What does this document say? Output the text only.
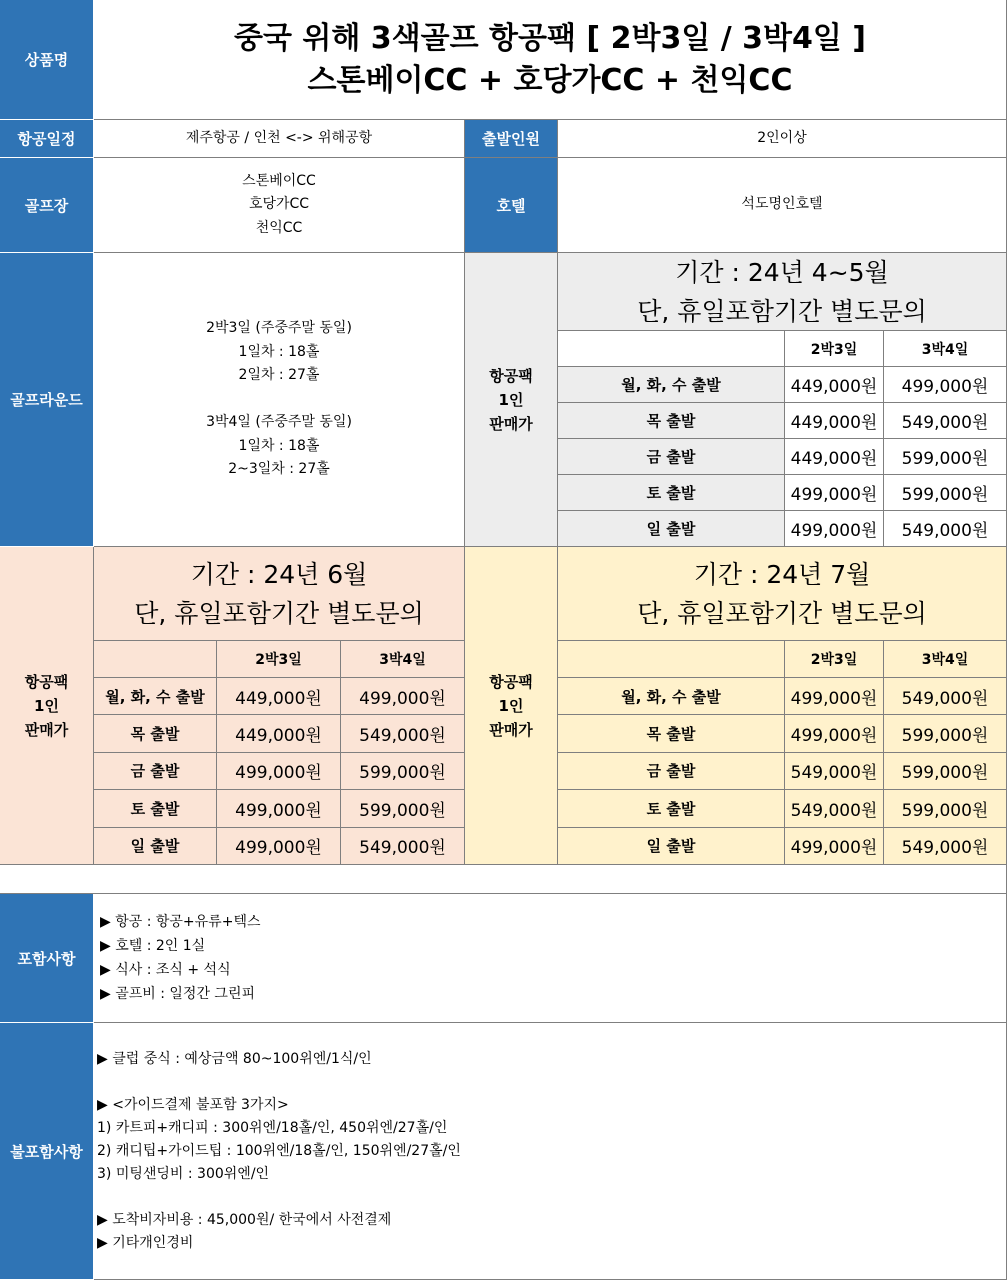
상품명
중국 위해 3색골프 항공팩 [ 2박3일 / 3박4일 ]
스톤베이CC + 호당가CC + 천익CC
항공일정	제주항공 / 인천 <-> 위해공항	출발인원	2인이상
골프장
스톤베이CC
호당가CC
천익CC
호텔	석도명인호텔
골프라운드
2박3일 (주중주말 동일)
1일차 : 18홀
2일차 : 27홀
3박4일 (주중주말 동일)
1일차 : 18홀
2~3일차 : 27홀
항공팩
1인
판매가
기간 : 24년 4~5월
단, 휴일포함기간 별도문의
2박3일	3박4일
월, 화, 수 출발	449,000원	499,000원
목 출발	449,000원	549,000원
금 출발	449,000원	599,000원
토 출발	499,000원	599,000원
일 출발	499,000원	549,000원
항공팩
1인
판매가
기간 : 24년 6월
단, 휴일포함기간 별도문의
2박3일	3박4일
월, 화, 수 출발	449,000원	499,000원
목 출발	449,000원	549,000원
금 출발	499,000원	599,000원
토 출발	499,000원	599,000원
일 출발	499,000원	549,000원
항공팩
1인
판매가
기간 : 24년 7월
단, 휴일포함기간 별도문의
2박3일	3박4일
월, 화, 수 출발	499,000원	549,000원
목 출발	499,000원	599,000원
금 출발	549,000원	599,000원
토 출발	549,000원	599,000원
일 출발	499,000원	549,000원
포함사항
▶ 항공 : 항공+유류+텍스
▶ 호텔 : 2인 1실
▶ 식사 : 조식 + 석식
▶ 골프비 : 일정간 그린피
불포함사항
▶ 클럽 중식 : 예상금액 80~100위엔/1식/인
▶ <가이드결제 불포함 3가지>
1) 카트피+캐디피 : 300위엔/18홀/인, 450위엔/27홀/인
2) 캐디팁+가이드팁 : 100위엔/18홀/인, 150위엔/27홀/인
3) 미팅샌딩비 : 300위엔/인
▶ 도착비자비용 : 45,000원/ 한국에서 사전결제
▶ 기타개인경비
